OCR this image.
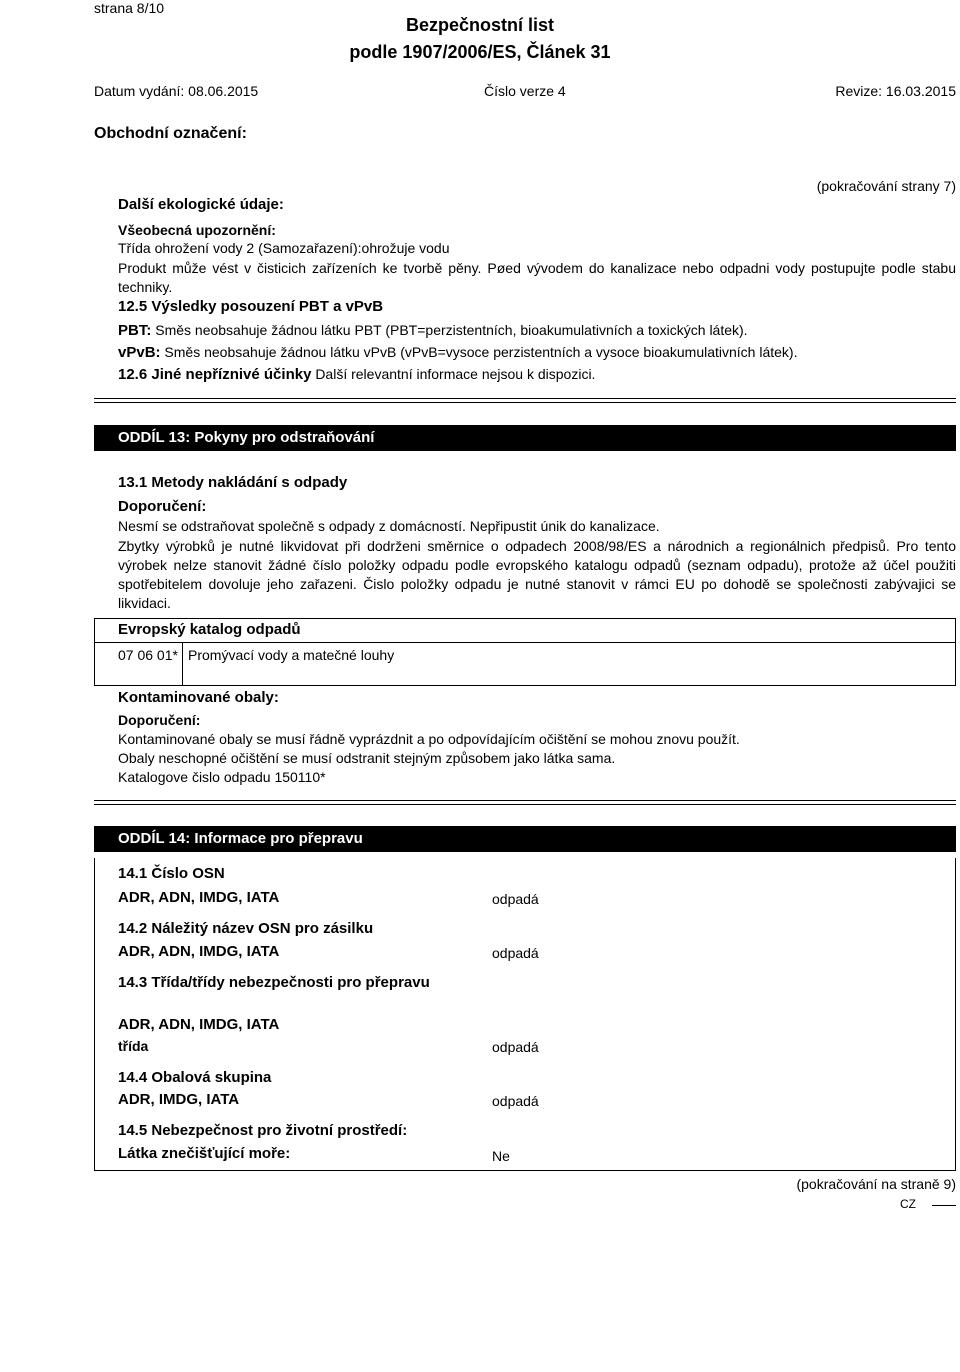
strana 8/10
Bezpečnostní list
podle 1907/2006/ES, Článek 31
Datum vydání: 08.06.2015	Číslo verze 4	Revize: 16.03.2015
Obchodní označení:
(pokračování strany 7)
Další ekologické údaje:
Všeobecná upozornění:
Třída ohrožení vody 2 (Samozařazení):ohrožuje vodu
Produkt může vést v čisticich zařízeních ke tvorbě pěny. Pøed vývodem do kanalizace nebo odpadni vody postupujte podle stabu techniky.
12.5 Výsledky posouzení PBT a vPvB
PBT: Směs neobsahuje žádnou látku PBT (PBT=perzistentních, bioakumulativních a toxických látek).
vPvB: Směs neobsahuje žádnou látku vPvB (vPvB=vysoce perzistentních a vysoce bioakumulativních látek).
12.6 Jiné nepříznivé účinky Další relevantní informace nejsou k dispozici.
ODDÍL 13: Pokyny pro odstraňování
13.1 Metody nakládání s odpady
Doporučení:
Nesmí se odstraňovat společně s odpady z domácností. Nepřipustit únik do kanalizace.
Zbytky výrobků je nutné likvidovat při dodrženi směrnice o odpadech 2008/98/ES a národnich a regionálnich předpisů. Pro tento výrobek nelze stanovit žádné číslo položky odpadu podle evropského katalogu odpadů (seznam odpadu), protože až účel použiti spotřebitelem dovoluje jeho zařazeni. Čislo položky odpadu je nutné stanovit v rámci EU po dohodě se společnosti zabývajici se likvidaci.
Evropský katalog odpadů
07 06 01* Promývací vody a matečné louhy
Kontaminované obaly:
Doporučení:
Kontaminované obaly se musí řádně vyprázdnit a po odpovídajícím očištění se mohou znovu použít.
Obaly neschopné očištění se musí odstranit stejným způsobem jako látka sama.
Katalogove čislo odpadu 150110*
ODDÍL 14: Informace pro přepravu
14.1 Číslo OSN
ADR, ADN, IMDG, IATA	odpadá
14.2 Náležitý název OSN pro zásilku
ADR, ADN, IMDG, IATA	odpadá
14.3 Třída/třídy nebezpečnosti pro přepravu
ADR, ADN, IMDG, IATA
třída	odpadá
14.4 Obalová skupina
ADR, IMDG, IATA	odpadá
14.5 Nebezpečnost pro životní prostředí:
Látka znečišťující moře:	Ne
(pokračování na straně 9)
CZ
